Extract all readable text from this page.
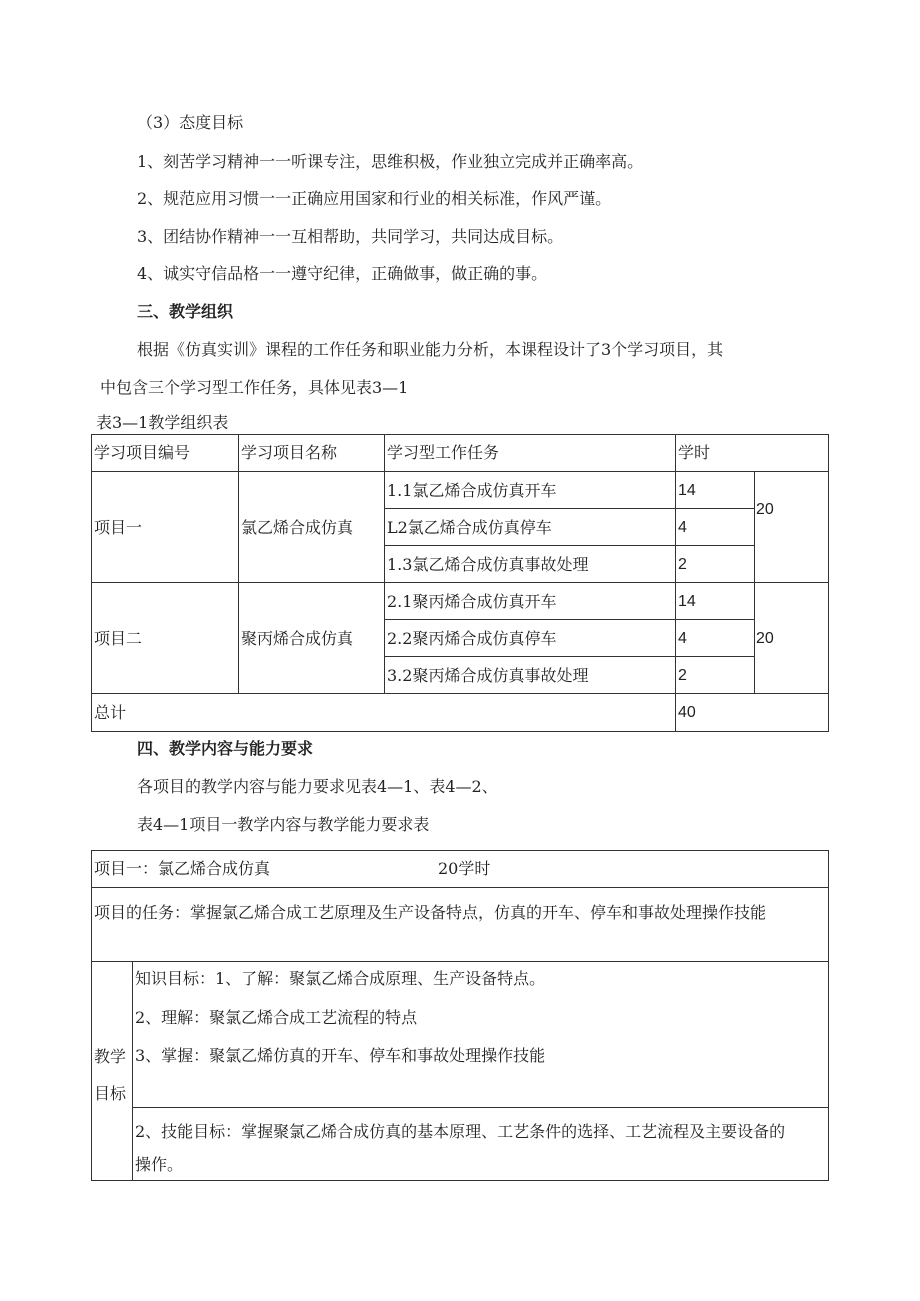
（3）态度目标
1、刻苦学习精神一一听课专注，思维积极，作业独立完成并正确率高。
2、规范应用习惯一一正确应用国家和行业的相关标准，作风严谨。
3、团结协作精神一一互相帮助，共同学习，共同达成目标。
4、诚实守信品格一一遵守纪律，正确做事，做正确的事。
三、教学组织
根据《仿真实训》课程的工作任务和职业能力分析，本课程设计了3个学习项目，其
中包含三个学习型工作任务，具体见表3—1
表3—1教学组织表
学习项目编号	学习项目名称	学习型工作任务	学时
项目一	氯乙烯合成仿真
1.1氯乙烯合成仿真开车	14
L2氯乙烯合成仿真停车	4
1.3氯乙烯合成仿真事故处理	2
20
项目二	聚丙烯合成仿真
2.1聚丙烯合成仿真开车	14
2.2聚丙烯合成仿真停车	4
3.2聚丙烯合成仿真事故处理	2
20
总计	40
四、教学内容与能力要求
各项目的教学内容与能力要求见表4—1、表4—2、
表4—1项目一教学内容与教学能力要求表
项目一：氯乙烯合成仿真	20学时
项目的任务：掌握氯乙烯合成工艺原理及生产设备特点，仿真的开车、停车和事故处理操作技能
教学
目标
知识目标：1、了解：聚氯乙烯合成原理、生产设备特点。
2、理解：聚氯乙烯合成工艺流程的特点
3、掌握：聚氯乙烯仿真的开车、停车和事故处理操作技能
2、技能目标：掌握聚氯乙烯合成仿真的基本原理、工艺条件的选择、工艺流程及主要设备的
操作。
